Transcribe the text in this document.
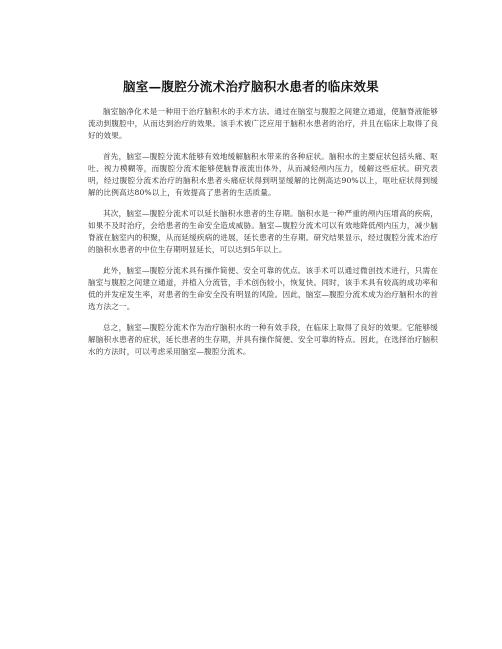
脑室—腹腔分流术治疗脑积水患者的临床效果

脑室脑净化术是一种用于治疗脑积水的手术方法。通过在脑室与腹腔之间建立通道，使脑脊液能够流动到腹腔中，从而达到治疗的效果。该手术被广泛应用于脑积水患者的治疗，并且在临床上取得了良好的效果。

首先，脑室—腹腔分流术能够有效地缓解脑积水带来的各种症状。脑积水的主要症状包括头痛、呕吐、视力模糊等，而腹腔分流术能够使脑脊液流出体外，从而减轻颅内压力，缓解这些症状。研究表明，经过腹腔分流术治疗的脑积水患者头痛症状得到明显缓解的比例高达90%以上，呕吐症状得到缓解的比例高达80%以上，有效提高了患者的生活质量。

其次，脑室—腹腔分流术可以延长脑积水患者的生存期。脑积水是一种严重的颅内压增高的疾病，如果不及时治疗，会给患者的生命安全造成威胁。脑室—腹腔分流术可以有效地降低颅内压力，减少脑脊液在脑室内的积聚，从而延缓疾病的进展，延长患者的生存期。研究结果显示，经过腹腔分流术治疗的脑积水患者的中位生存期明显延长，可以达到5年以上。

此外，脑室—腹腔分流术具有操作简便、安全可靠的优点。该手术可以通过微创技术进行，只需在脑室与腹腔之间建立通道，并植入分流管，手术创伤较小，恢复快。同时，该手术具有较高的成功率和低的并发症发生率，对患者的生命安全没有明显的风险。因此，脑室—腹腔分流术成为治疗脑积水的首选方法之一。

总之，脑室—腹腔分流术作为治疗脑积水的一种有效手段，在临床上取得了良好的效果。它能够缓解脑积水患者的症状，延长患者的生存期，并具有操作简便、安全可靠的特点。因此，在选择治疗脑积水的方法时，可以考虑采用脑室—腹腔分流术。
